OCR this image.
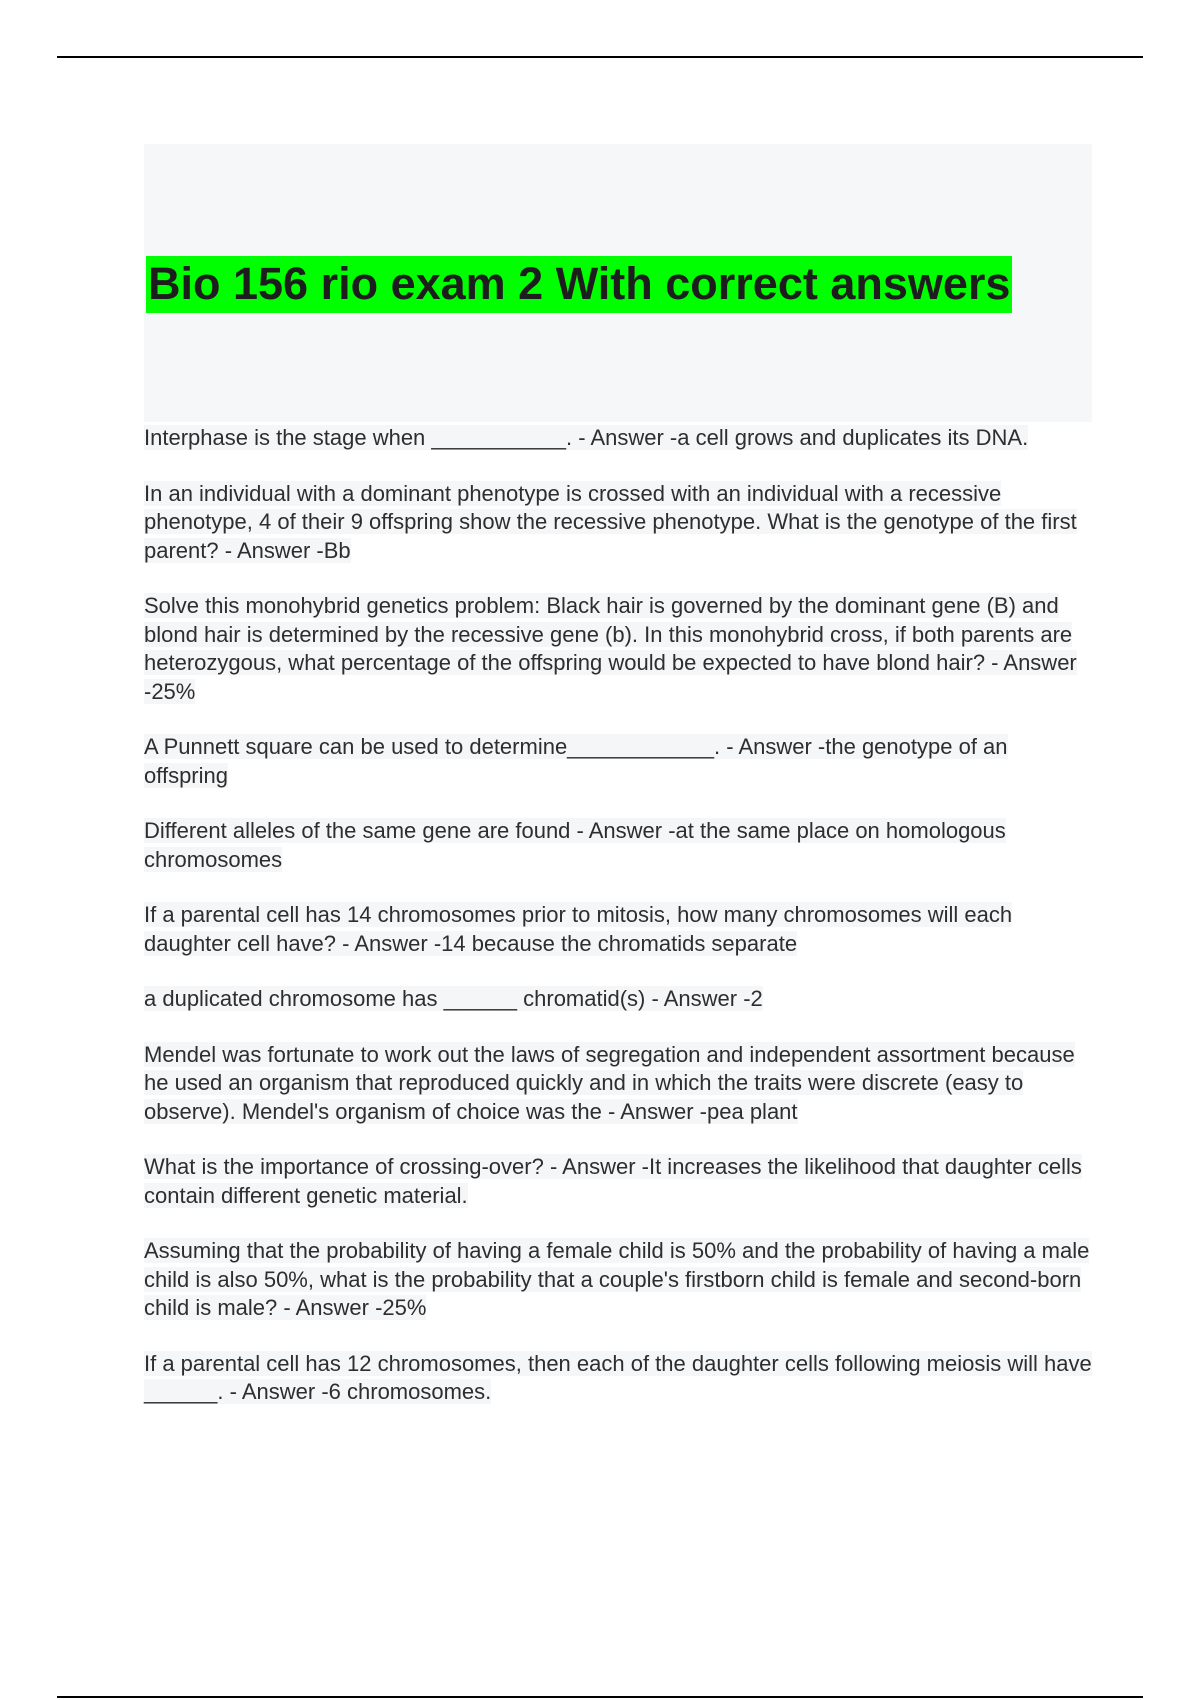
Bio 156 rio exam 2 With correct answers

Interphase is the stage when ___________. - Answer -a cell grows and duplicates its DNA.

In an individual with a dominant phenotype is crossed with an individual with a recessive phenotype, 4 of their 9 offspring show the recessive phenotype. What is the genotype of the first parent? - Answer -Bb

Solve this monohybrid genetics problem: Black hair is governed by the dominant gene (B) and blond hair is determined by the recessive gene (b). In this monohybrid cross, if both parents are heterozygous, what percentage of the offspring would be expected to have blond hair? - Answer -25%

A Punnett square can be used to determine____________. - Answer -the genotype of an offspring

Different alleles of the same gene are found - Answer -at the same place on homologous chromosomes

If a parental cell has 14 chromosomes prior to mitosis, how many chromosomes will each daughter cell have? - Answer -14 because the chromatids separate

a duplicated chromosome has ______ chromatid(s) - Answer -2

Mendel was fortunate to work out the laws of segregation and independent assortment because he used an organism that reproduced quickly and in which the traits were discrete (easy to observe). Mendel's organism of choice was the - Answer -pea plant

What is the importance of crossing-over? - Answer -It increases the likelihood that daughter cells contain different genetic material.

Assuming that the probability of having a female child is 50% and the probability of having a male child is also 50%, what is the probability that a couple's firstborn child is female and second-born child is male? - Answer -25%

If a parental cell has 12 chromosomes, then each of the daughter cells following meiosis will have ______. - Answer -6 chromosomes.
